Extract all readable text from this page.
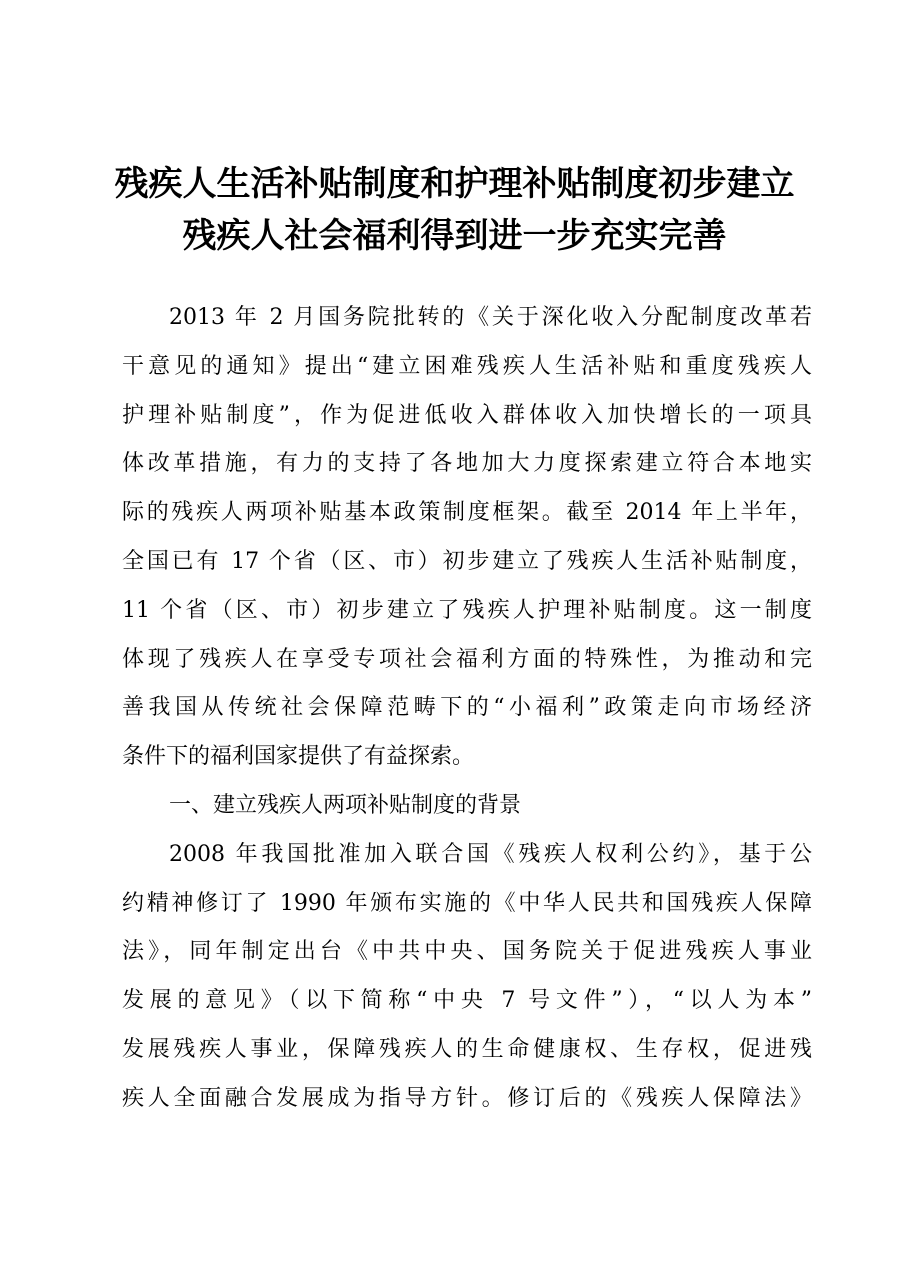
残疾人生活补贴制度和护理补贴制度初步建立
残疾人社会福利得到进一步充实完善
2013 年 2 月国务院批转的《关于深化收入分配制度改革若
干意见的通知》提出“建立困难残疾人生活补贴和重度残疾人
护理补贴制度”，作为促进低收入群体收入加快增长的一项具
体改革措施，有力的支持了各地加大力度探索建立符合本地实
际的残疾人两项补贴基本政策制度框架。截至 2014 年上半年，
全国已有 17 个省（区、市）初步建立了残疾人生活补贴制度，
11 个省（区、市）初步建立了残疾人护理补贴制度。这一制度
体现了残疾人在享受专项社会福利方面的特殊性，为推动和完
善我国从传统社会保障范畴下的“小福利”政策走向市场经济
条件下的福利国家提供了有益探索。
一、建立残疾人两项补贴制度的背景
2008 年我国批准加入联合国《残疾人权利公约》，基于公
约精神修订了 1990 年颁布实施的《中华人民共和国残疾人保障
法》，同年制定出台《中共中央、国务院关于促进残疾人事业
发展的意见》（以下简称“中央 7 号文件”），“以人为本”
发展残疾人事业，保障残疾人的生命健康权、生存权，促进残
疾人全面融合发展成为指导方针。修订后的《残疾人保障法》
